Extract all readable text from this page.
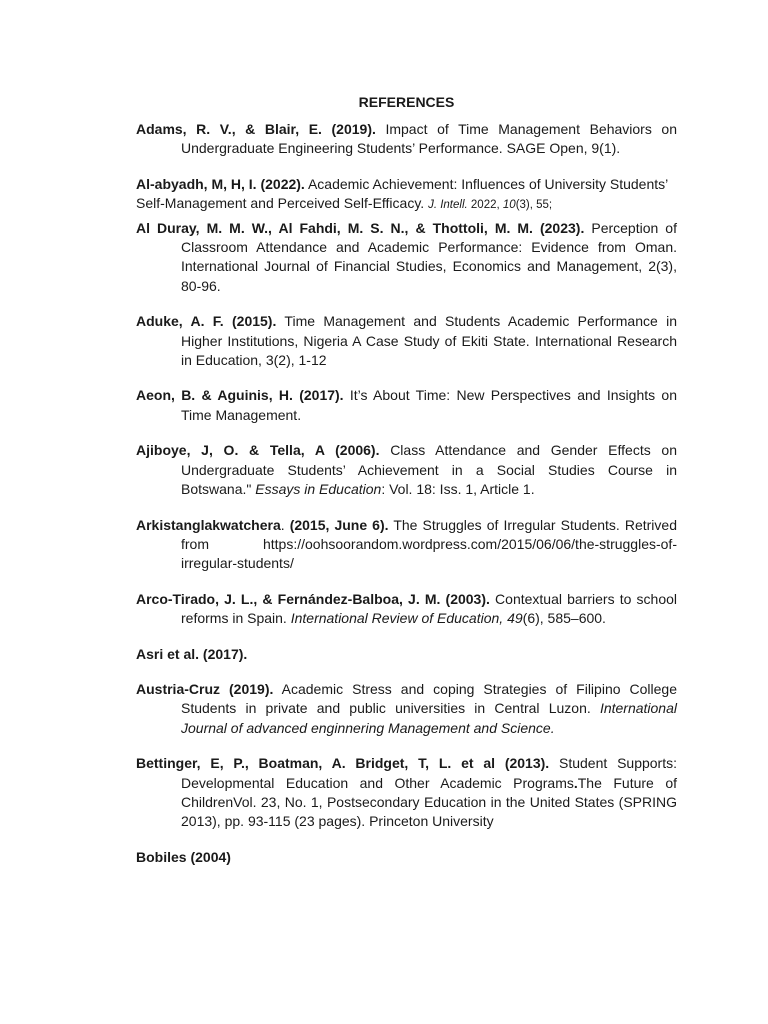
REFERENCES

Adams, R. V., & Blair, E. (2019). Impact of Time Management Behaviors on Undergraduate Engineering Students’ Performance. SAGE Open, 9(1).

Al-abyadh, M, H, I. (2022). Academic Achievement: Influences of University Students’ Self-Management and Perceived Self-Efficacy. J. Intell. 2022, 10(3), 55;

Al Duray, M. M. W., Al Fahdi, M. S. N., & Thottoli, M. M. (2023). Perception of Classroom Attendance and Academic Performance: Evidence from Oman. International Journal of Financial Studies, Economics and Management, 2(3), 80-96.

Aduke, A. F. (2015). Time Management and Students Academic Performance in Higher Institutions, Nigeria A Case Study of Ekiti State. International Research in Education, 3(2), 1-12

Aeon, B. & Aguinis, H. (2017). It’s About Time: New Perspectives and Insights on Time Management.

Ajiboye, J, O. & Tella, A (2006). Class Attendance and Gender Effects on Undergraduate Students’ Achievement in a Social Studies Course in Botswana." Essays in Education: Vol. 18: Iss. 1, Article 1.

Arkistanglakwatchera. (2015, June 6). The Struggles of Irregular Students. Retrived from https://oohsoorandom.wordpress.com/2015/06/06/the-struggles-of-irregular-students/

Arco-Tirado, J. L., & Fernández-Balboa, J. M. (2003). Contextual barriers to school reforms in Spain. International Review of Education, 49(6), 585–600.

Asri et al. (2017).

Austria-Cruz (2019). Academic Stress and coping Strategies of Filipino College Students in private and public universities in Central Luzon. International Journal of advanced enginnering Management and Science.

Bettinger, E, P., Boatman, A. Bridget, T, L. et al (2013). Student Supports: Developmental Education and Other Academic Programs.The Future of ChildrenVol. 23, No. 1, Postsecondary Education in the United States (SPRING 2013), pp. 93-115 (23 pages). Princeton University

Bobiles (2004)
